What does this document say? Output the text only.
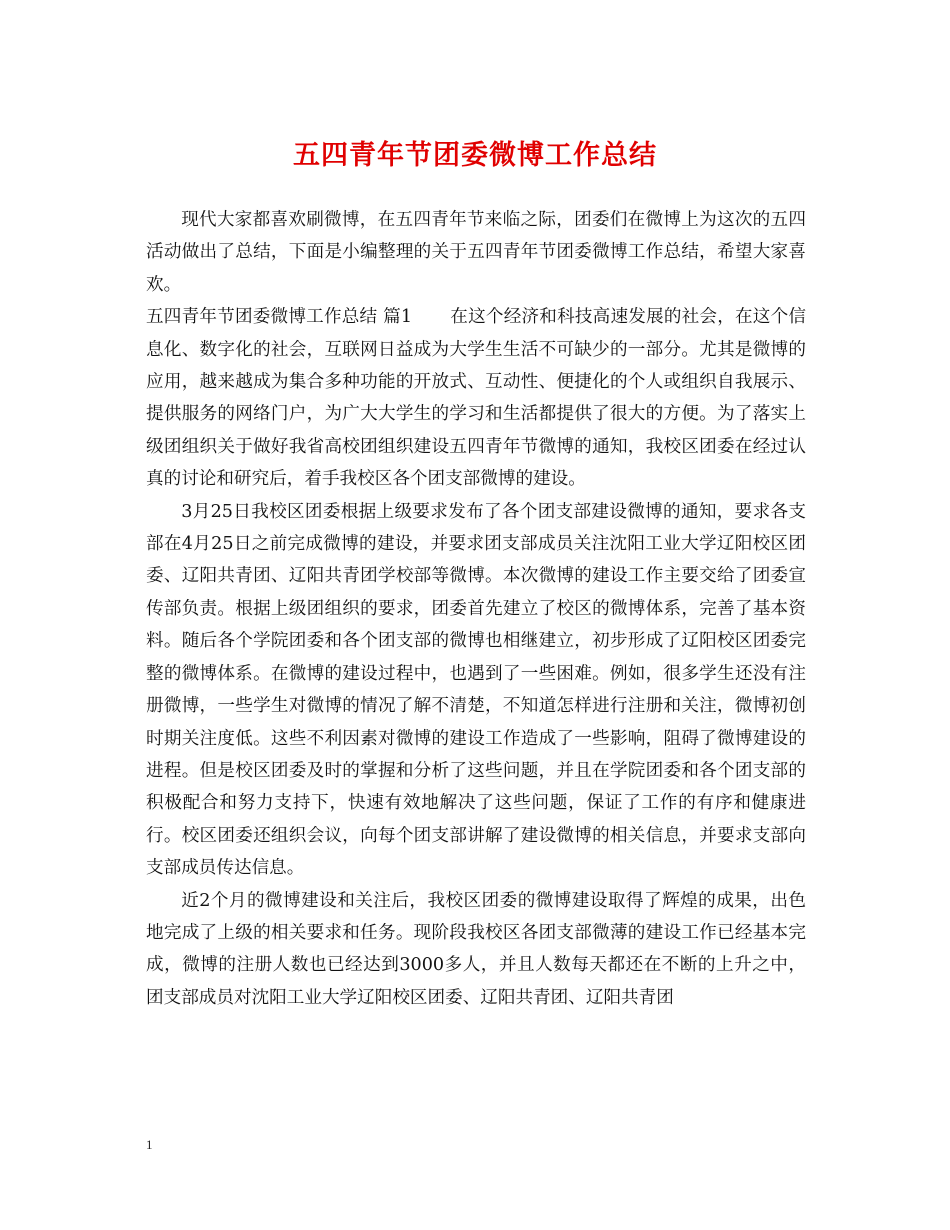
五四青年节团委微博工作总结

现代大家都喜欢刷微博，在五四青年节来临之际，团委们在微博上为这次的五四活动做出了总结，下面是小编整理的关于五四青年节团委微博工作总结，希望大家喜欢。

五四青年节团委微博工作总结 篇1 在这个经济和科技高速发展的社会，在这个信息化、数字化的社会，互联网日益成为大学生生活不可缺少的一部分。尤其是微博的应用，越来越成为集合多种功能的开放式、互动性、便捷化的个人或组织自我展示、提供服务的网络门户，为广大大学生的学习和生活都提供了很大的方便。为了落实上级团组织关于做好我省高校团组织建设五四青年节微博的通知，我校区团委在经过认真的讨论和研究后，着手我校区各个团支部微博的建设。

3月25日我校区团委根据上级要求发布了各个团支部建设微博的通知，要求各支部在4月25日之前完成微博的建设，并要求团支部成员关注沈阳工业大学辽阳校区团委、辽阳共青团、辽阳共青团学校部等微博。本次微博的建设工作主要交给了团委宣传部负责。根据上级团组织的要求，团委首先建立了校区的微博体系，完善了基本资料。随后各个学院团委和各个团支部的微博也相继建立，初步形成了辽阳校区团委完整的微博体系。在微博的建设过程中，也遇到了一些困难。例如，很多学生还没有注册微博，一些学生对微博的情况了解不清楚，不知道怎样进行注册和关注，微博初创时期关注度低。这些不利因素对微博的建设工作造成了一些影响，阻碍了微博建设的进程。但是校区团委及时的掌握和分析了这些问题，并且在学院团委和各个团支部的积极配合和努力支持下，快速有效地解决了这些问题，保证了工作的有序和健康进行。校区团委还组织会议，向每个团支部讲解了建设微博的相关信息，并要求支部向支部成员传达信息。

近2个月的微博建设和关注后，我校区团委的微博建设取得了辉煌的成果，出色地完成了上级的相关要求和任务。现阶段我校区各团支部微薄的建设工作已经基本完成，微博的注册人数也已经达到3000多人，并且人数每天都还在不断的上升之中，团支部成员对沈阳工业大学辽阳校区团委、辽阳共青团、辽阳共青团

1
